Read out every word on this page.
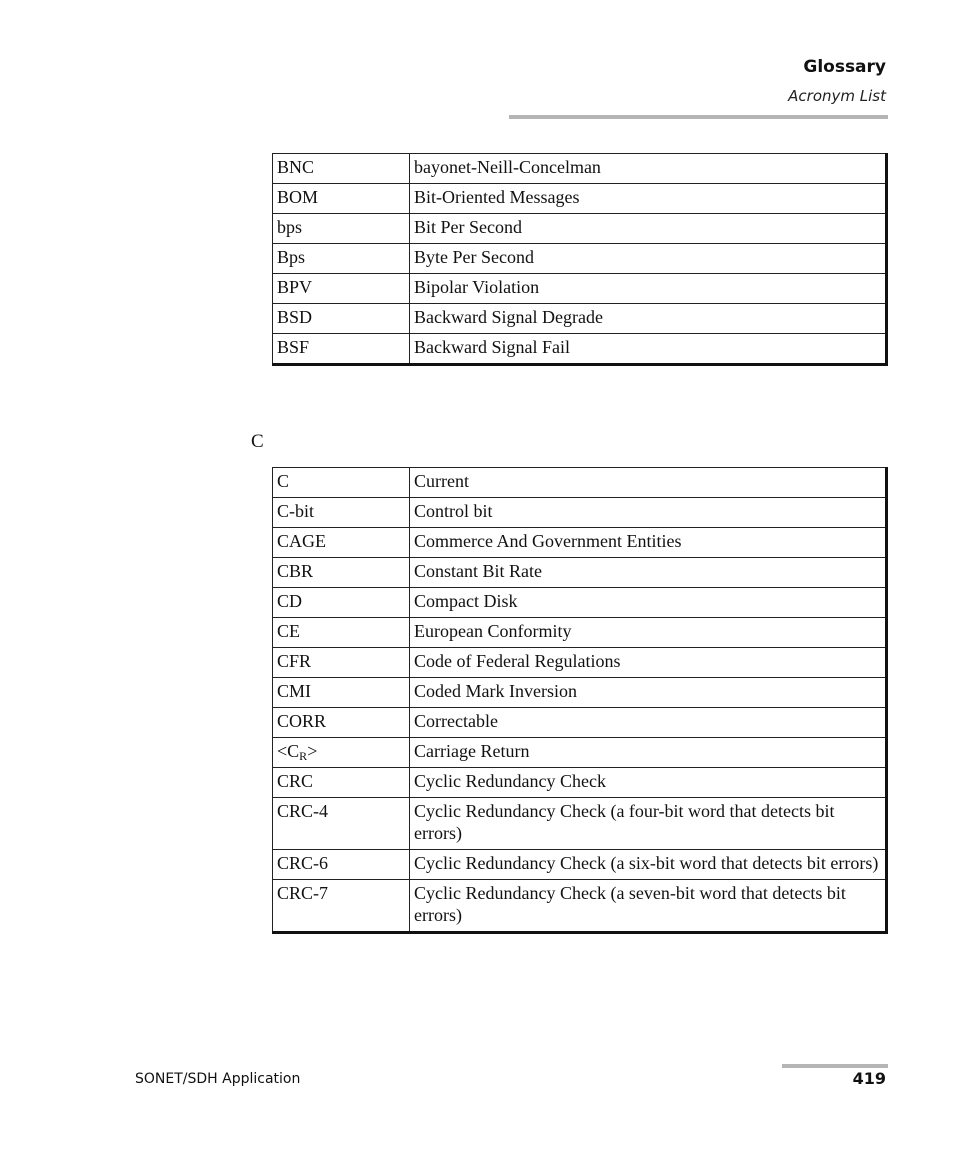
Glossary
Acronym List
BNC	bayonet-Neill-Concelman
BOM	Bit-Oriented Messages
bps	Bit Per Second
Bps	Byte Per Second
BPV	Bipolar Violation
BSD	Backward Signal Degrade
BSF	Backward Signal Fail
C
C	Current
C-bit	Control bit
CAGE	Commerce And Government Entities
CBR	Constant Bit Rate
CD	Compact Disk
CE	European Conformity
CFR	Code of Federal Regulations
CMI	Coded Mark Inversion
CORR	Correctable
$<C_R>$	Carriage Return
CRC	Cyclic Redundancy Check
CRC-4	Cyclic Redundancy Check (a four-bit word that detects bit errors)
CRC-6	Cyclic Redundancy Check (a six-bit word that detects bit errors)
CRC-7	Cyclic Redundancy Check (a seven-bit word that detects bit errors)
SONET/SDH Application	419
